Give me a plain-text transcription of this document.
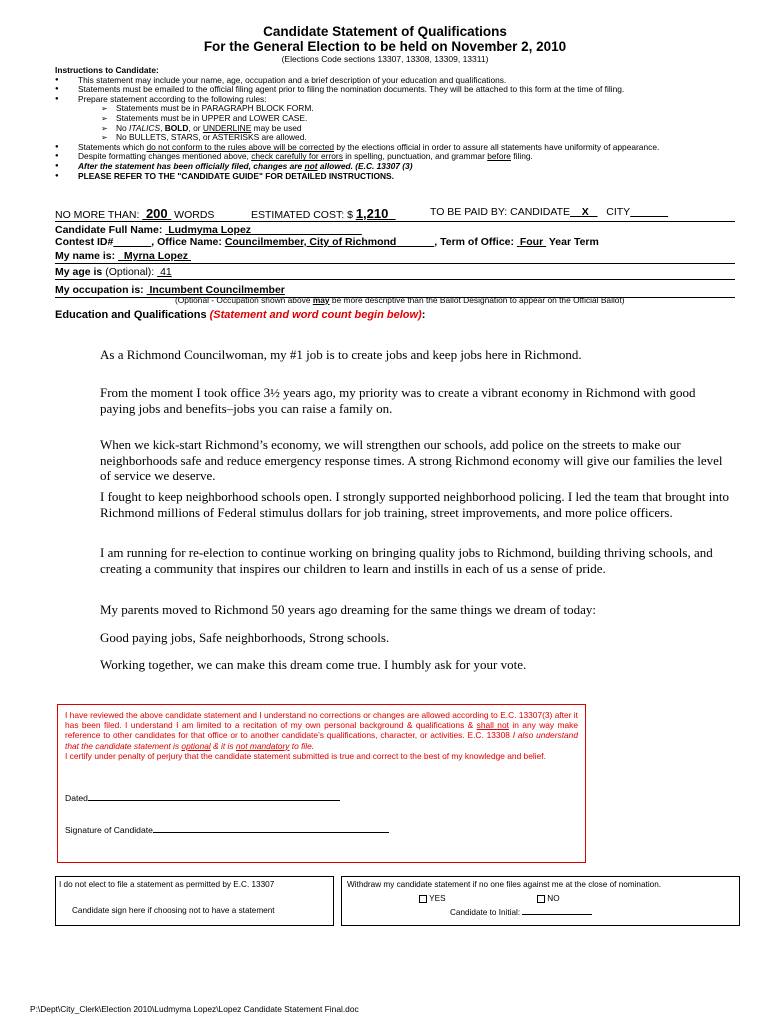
Candidate Statement of Qualifications
For the General Election to be held on November 2, 2010
(Elections Code sections 13307, 13308, 13309, 13311)
Instructions to Candidate:
● This statement may include your name, age, occupation and a brief description of your education and qualifications.
● Statements must be emailed to the official filing agent prior to filing the nomination documents. They will be attached to this form at the time of filing.
● Prepare statement according to the following rules:
➢ Statements must be in PARAGRAPH BLOCK FORM.
➢ Statements must be in UPPER and LOWER CASE.
➢ No ITALICS, BOLD, or UNDERLINE may be used
➢ No BULLETS, STARS, or ASTERISKS are allowed.
● Statements which do not conform to the rules above will be corrected by the elections official in order to assure all statements have uniformity of appearance.
● Despite formatting changes mentioned above, check carefully for errors in spelling, punctuation, and grammar before filing.
● After the statement has been officially filed, changes are not allowed. (E.C. 13307 (3)
● PLEASE REFER TO THE "CANDIDATE GUIDE" FOR DETAILED INSTRUCTIONS.
NO MORE THAN:  200  WORDS	ESTIMATED COST: $ 1,210	TO BE PAID BY: CANDIDATE X CITY
Candidate Full Name: Ludmyma Lopez
Contest ID#	, Office Name: Councilmember, City of Richmond	, Term of Office:  Four  Year Term
My name is:   Myrna Lopez
My age is (Optional):  41
My occupation is:  Incumbent Councilmember
(Optional - Occupation shown above may be more descriptive than the Ballot Designation to appear on the Official Ballot)
Education and Qualifications (Statement and word count begin below):

As a Richmond Councilwoman, my #1 job is to create jobs and keep jobs here in Richmond.

From the moment I took office 3½ years ago, my priority was to create a vibrant economy in Richmond with good paying jobs and benefits–jobs you can raise a family on.

When we kick-start Richmond’s economy, we will strengthen our schools, add police on the streets to make our neighborhoods safe and reduce emergency response times. A strong Richmond economy will give our families the level of service we deserve.

I fought to keep neighborhood schools open. I strongly supported neighborhood policing. I led the team that brought into Richmond millions of Federal stimulus dollars for job training, street improvements, and more police officers.

I am running for re-election to continue working on bringing quality jobs to Richmond, building thriving schools, and creating a community that inspires our children to learn and instills in each of us a sense of pride.

My parents moved to Richmond 50 years ago dreaming for the same things we dream of today:

Good paying jobs, Safe neighborhoods, Strong schools.

Working together, we can make this dream come true. I humbly ask for your vote.

I have reviewed the above candidate statement and I understand no corrections or changes are allowed according to E.C. 13307(3) after it has been filed. I understand I am limited to a recitation of my own personal background & qualifications & shall not in any way make reference to other candidates for that office or to another candidate’s qualifications, character, or activities. E.C. 13308 I also understand that the candidate statement is optional & it is not mandatory to file.
I certify under penalty of perjury that the candidate statement submitted is true and correct to the best of my knowledge and belief.
Dated
Signature of Candidate
I do not elect to file a statement as permitted by E.C. 13307
Candidate sign here if choosing not to have a statement
Withdraw my candidate statement if no one files against me at the close of nomination.
YES	NO
Candidate to Initial:
P:\Dept\City_Clerk\Election 2010\Ludmyma Lopez\Lopez Candidate Statement Final.doc
